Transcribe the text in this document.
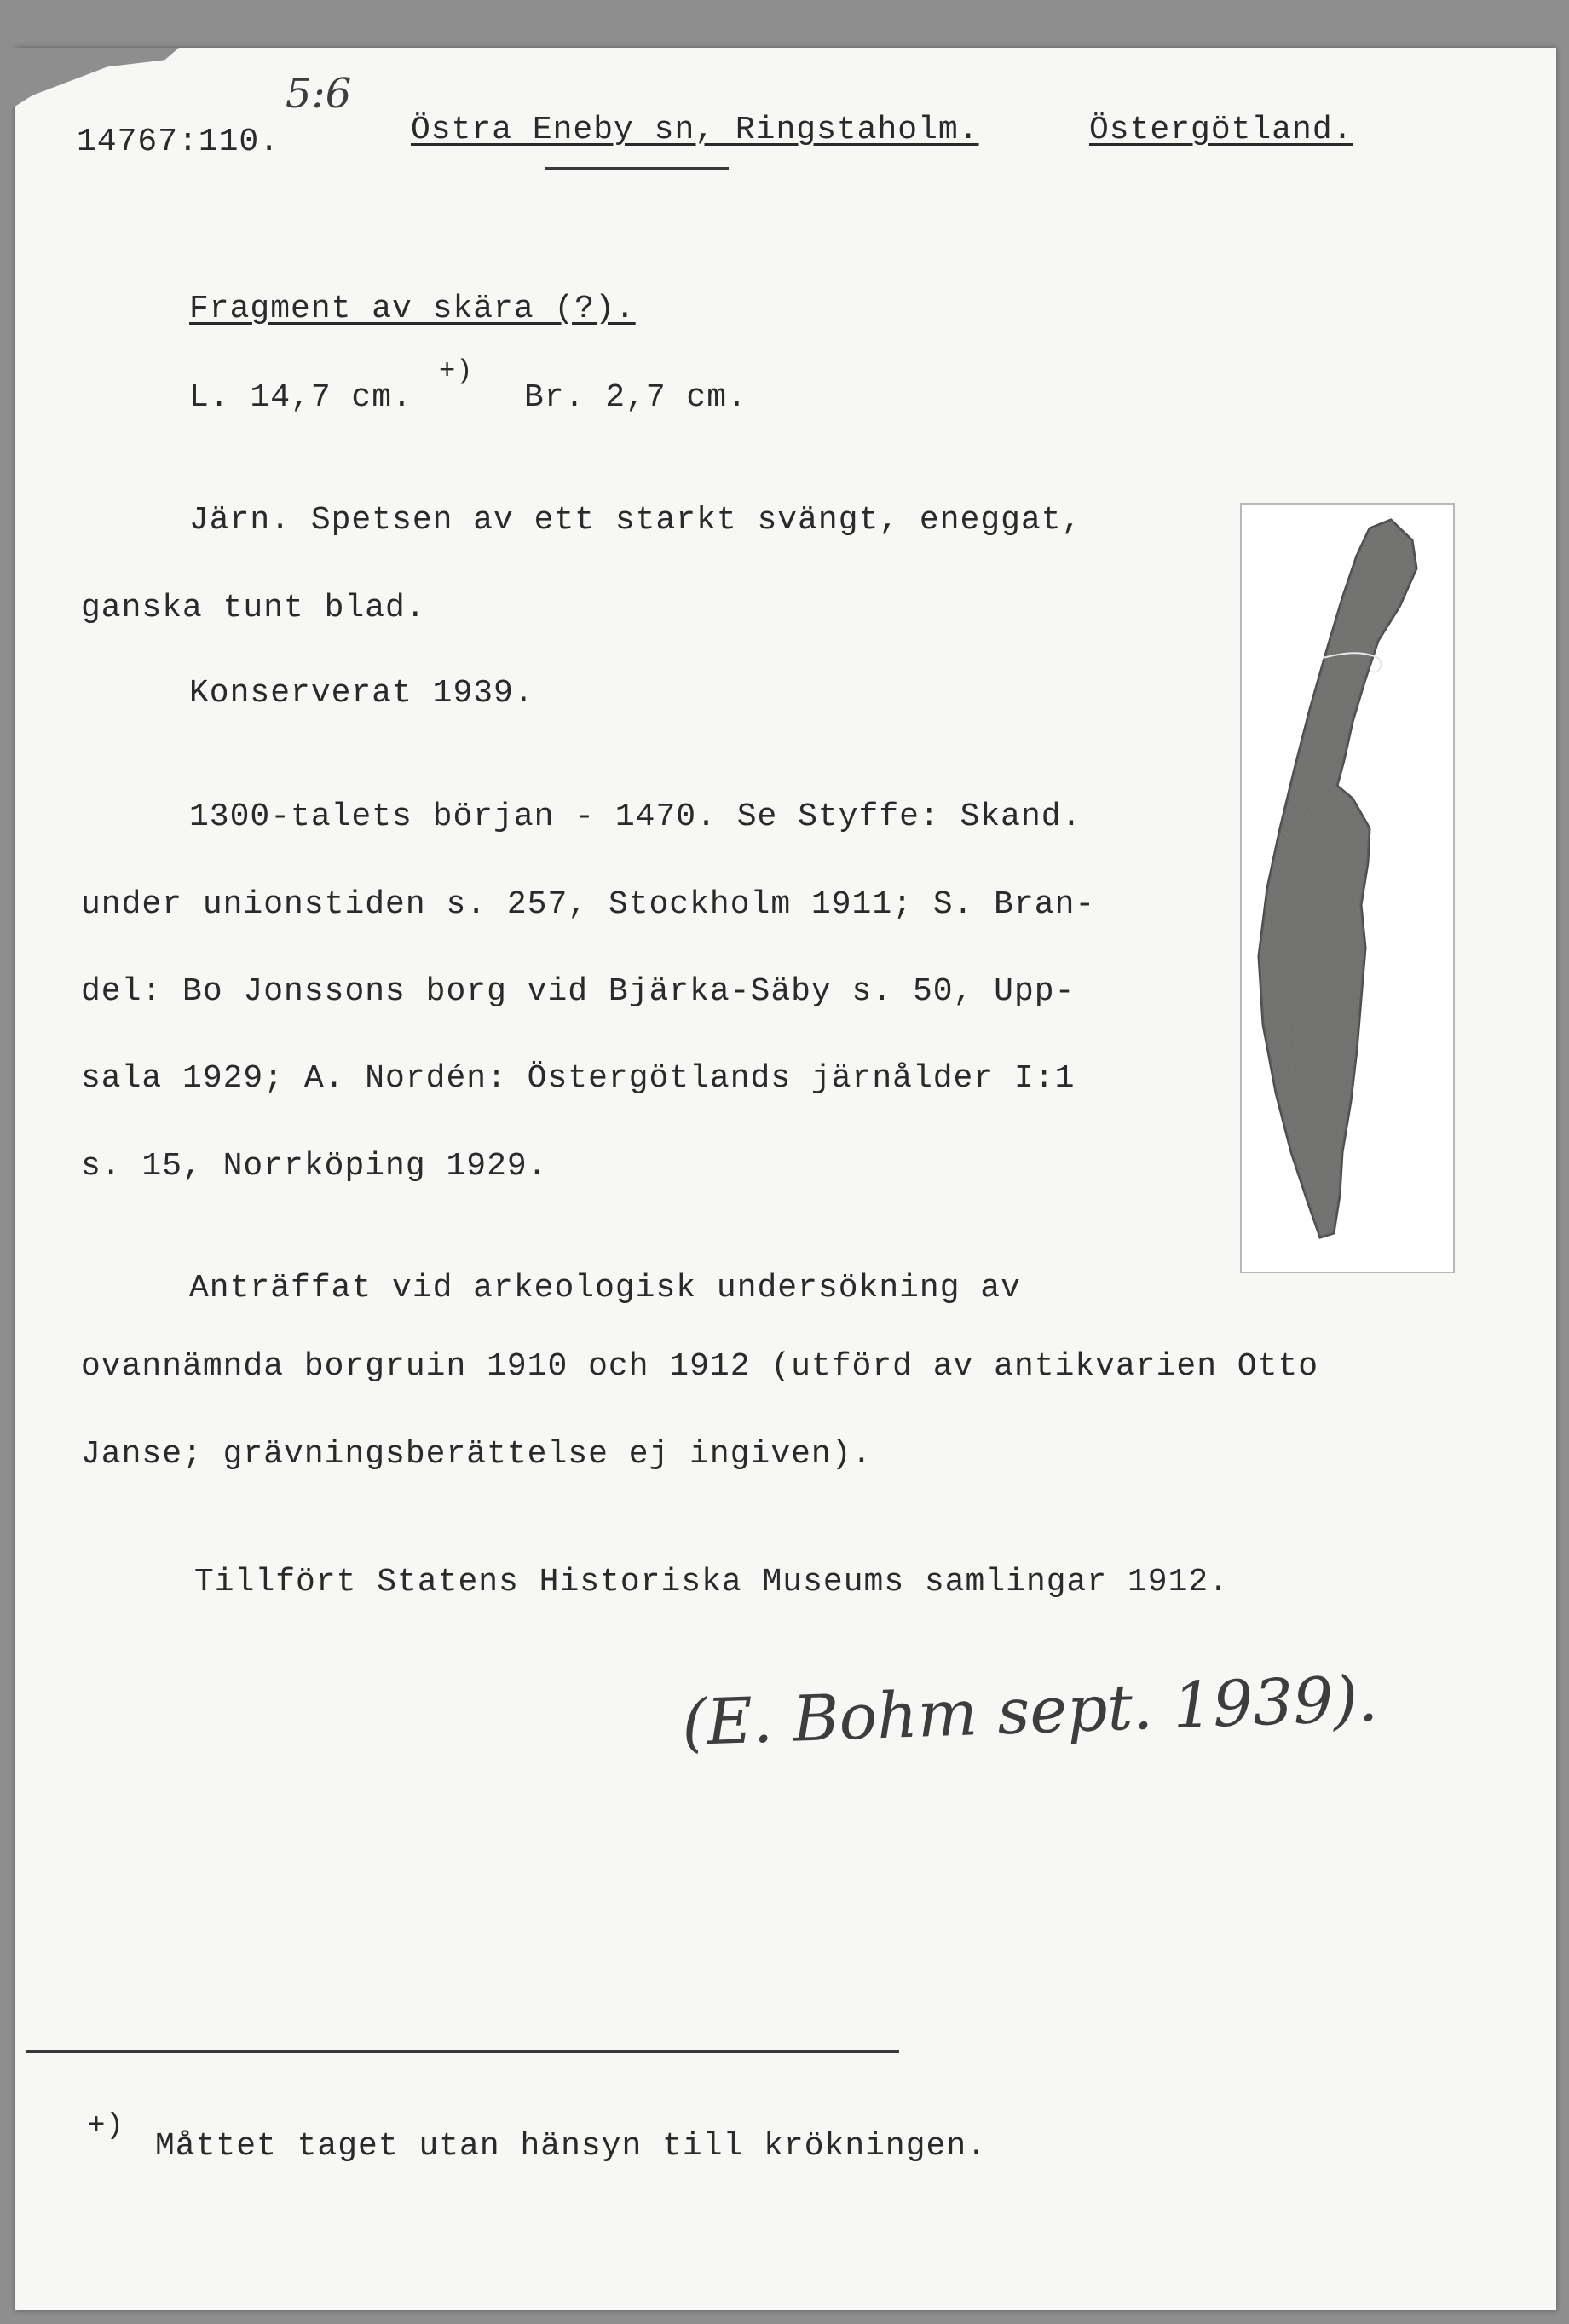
5:6
14767:110.	Östra Eneby sn, Ringstaholm.	Östergötland.
Fragment av skära (?).
L. 14,7 cm.
+)
Br. 2,7 cm.
Järn. Spetsen av ett starkt svängt, eneggat,
ganska tunt blad.
Konserverat 1939.
1300-talets början - 1470. Se Styffe: Skand.
under unionstiden s. 257, Stockholm 1911; S. Bran-
del: Bo Jonssons borg vid Bjärka-Säby s. 50, Upp-
sala 1929; A. Nordén: Östergötlands järnålder I:1
s. 15, Norrköping 1929.
Anträffat vid arkeologisk undersökning av
ovannämnda borgruin 1910 och 1912 (utförd av antikvarien Otto
Janse; grävningsberättelse ej ingiven).
Tillfört Statens Historiska Museums samlingar 1912.
(E. Bohm sept. 1939).
+)
Måttet taget utan hänsyn till krökningen.
